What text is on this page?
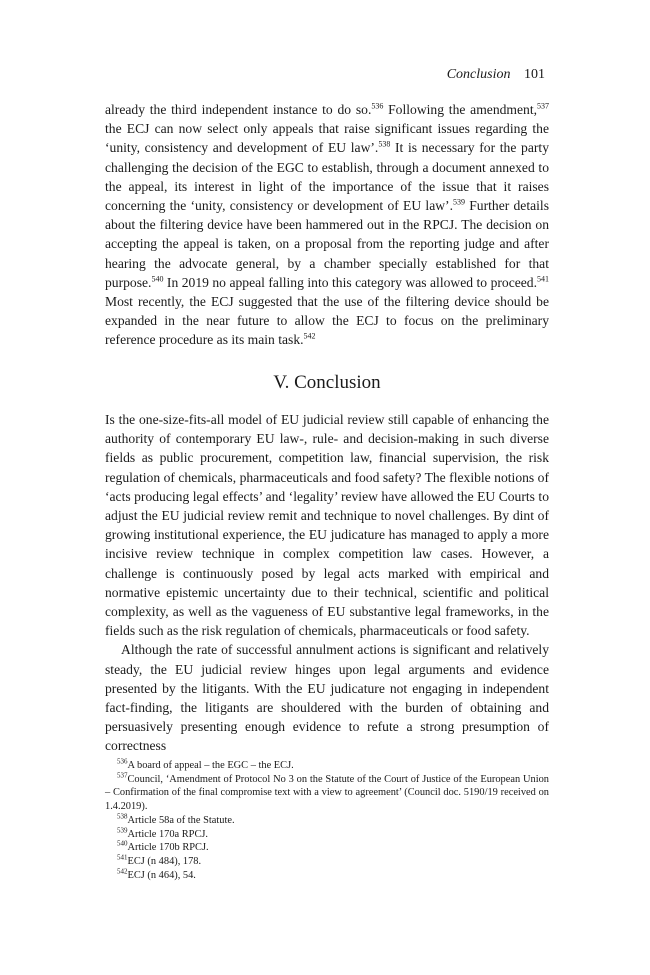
Conclusion 101

already the third independent instance to do so.$^{536}$ Following the amendment,$^{537}$ the ECJ can now select only appeals that raise significant issues regarding the ‘unity, consistency and development of EU law’.$^{538}$ It is necessary for the party challenging the decision of the EGC to establish, through a document annexed to the appeal, its interest in light of the importance of the issue that it raises concerning the ‘unity, consistency or development of EU law’.$^{539}$ Further details about the filtering device have been hammered out in the RPCJ. The decision on accepting the appeal is taken, on a proposal from the reporting judge and after hearing the advocate general, by a chamber specially established for that purpose.$^{540}$ In 2019 no appeal falling into this category was allowed to proceed.$^{541}$ Most recently, the ECJ suggested that the use of the filtering device should be expanded in the near future to allow the ECJ to focus on the preliminary reference procedure as its main task.$^{542}$

V. Conclusion

Is the one-size-fits-all model of EU judicial review still capable of enhancing the authority of contemporary EU law-, rule- and decision-making in such diverse fields as public procurement, competition law, financial supervision, the risk regulation of chemicals, pharmaceuticals and food safety? The flexible notions of ‘acts producing legal effects’ and ‘legality’ review have allowed the EU Courts to adjust the EU judicial review remit and technique to novel challenges. By dint of growing institutional experience, the EU judicature has managed to apply a more incisive review technique in complex competition law cases. However, a challenge is continuously posed by legal acts marked with empirical and normative epistemic uncertainty due to their technical, scientific and political complexity, as well as the vagueness of EU substantive legal frameworks, in the fields such as the risk regulation of chemicals, pharmaceuticals or food safety.

Although the rate of successful annulment actions is significant and relatively steady, the EU judicial review hinges upon legal arguments and evidence presented by the litigants. With the EU judicature not engaging in independent fact-finding, the litigants are shouldered with the burden of obtaining and persuasively presenting enough evidence to refute a strong presumption of correctness

$^{536}$A board of appeal – the EGC – the ECJ.

$^{537}$Council, ‘Amendment of Protocol No 3 on the Statute of the Court of Justice of the European Union – Confirmation of the final compromise text with a view to agreement’ (Council doc. 5190/19 received on 1.4.2019).

$^{538}$Article 58a of the Statute.

$^{539}$Article 170a RPCJ.

$^{540}$Article 170b RPCJ.

$^{541}$ECJ (n 484), 178.

$^{542}$ECJ (n 464), 54.
